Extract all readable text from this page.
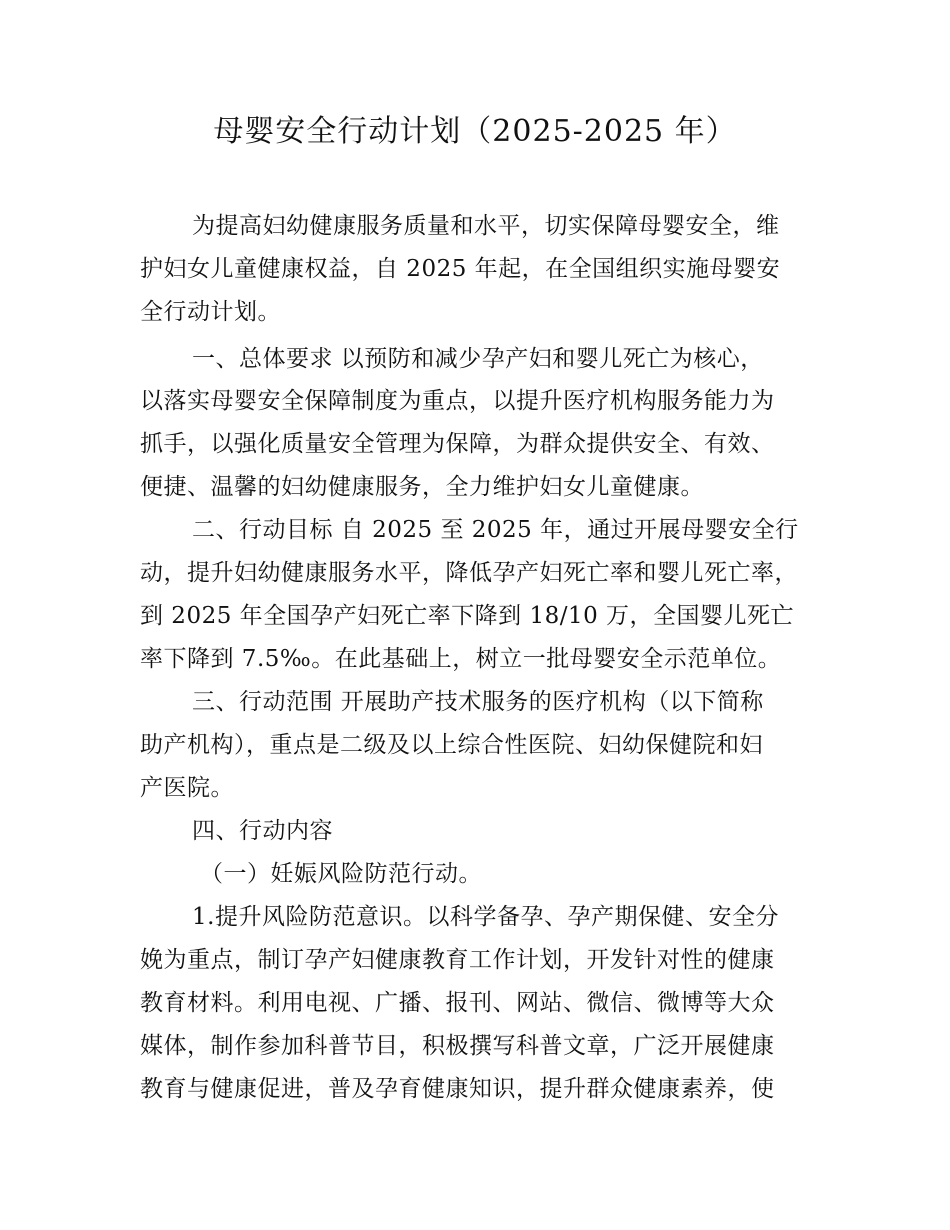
母婴安全行动计划（2025-2025 年）
为提高妇幼健康服务质量和水平，切实保障母婴安全，维
护妇女儿童健康权益，自 2025 年起，在全国组织实施母婴安
全行动计划。
一、总体要求 以预防和减少孕产妇和婴儿死亡为核心，
以落实母婴安全保障制度为重点，以提升医疗机构服务能力为
抓手，以强化质量安全管理为保障，为群众提供安全、有效、
便捷、温馨的妇幼健康服务，全力维护妇女儿童健康。
二、行动目标 自 2025 至 2025 年，通过开展母婴安全行
动，提升妇幼健康服务水平，降低孕产妇死亡率和婴儿死亡率，
到 2025 年全国孕产妇死亡率下降到 18/10 万，全国婴儿死亡
率下降到 7.5‰。在此基础上，树立一批母婴安全示范单位。
三、行动范围 开展助产技术服务的医疗机构（以下简称
助产机构），重点是二级及以上综合性医院、妇幼保健院和妇
产医院。
四、行动内容
（一）妊娠风险防范行动。
1.提升风险防范意识。以科学备孕、孕产期保健、安全分
娩为重点，制订孕产妇健康教育工作计划，开发针对性的健康
教育材料。利用电视、广播、报刊、网站、微信、微博等大众
媒体，制作参加科普节目，积极撰写科普文章，广泛开展健康
教育与健康促进，普及孕育健康知识，提升群众健康素养，使
